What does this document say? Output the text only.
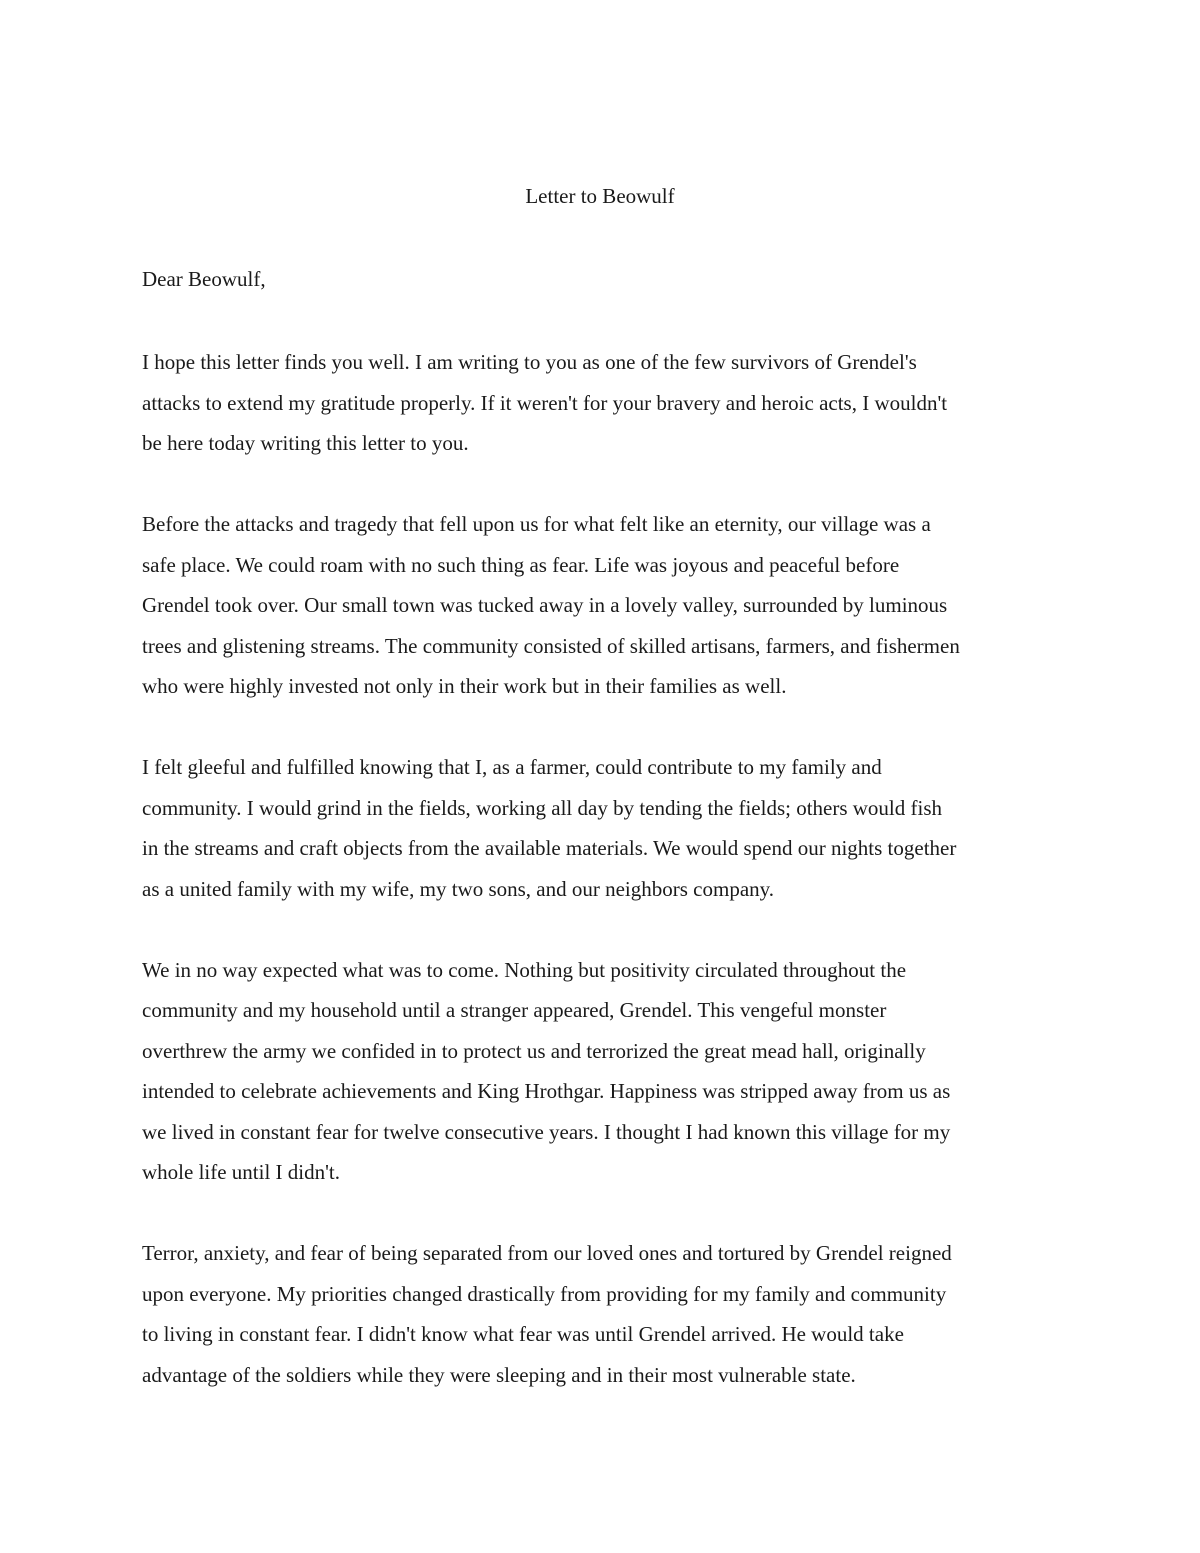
Letter to Beowulf

Dear Beowulf,

I hope this letter finds you well. I am writing to you as one of the few survivors of Grendel's
attacks to extend my gratitude properly. If it weren't for your bravery and heroic acts, I wouldn't
be here today writing this letter to you.

Before the attacks and tragedy that fell upon us for what felt like an eternity, our village was a
safe place. We could roam with no such thing as fear. Life was joyous and peaceful before
Grendel took over. Our small town was tucked away in a lovely valley, surrounded by luminous
trees and glistening streams. The community consisted of skilled artisans, farmers, and fishermen
who were highly invested not only in their work but in their families as well.

I felt gleeful and fulfilled knowing that I, as a farmer, could contribute to my family and
community. I would grind in the fields, working all day by tending the fields; others would fish
in the streams and craft objects from the available materials. We would spend our nights together
as a united family with my wife, my two sons, and our neighbors company.

We in no way expected what was to come. Nothing but positivity circulated throughout the
community and my household until a stranger appeared, Grendel. This vengeful monster
overthrew the army we confided in to protect us and terrorized the great mead hall, originally
intended to celebrate achievements and King Hrothgar. Happiness was stripped away from us as
we lived in constant fear for twelve consecutive years. I thought I had known this village for my
whole life until I didn't.

Terror, anxiety, and fear of being separated from our loved ones and tortured by Grendel reigned
upon everyone. My priorities changed drastically from providing for my family and community
to living in constant fear. I didn't know what fear was until Grendel arrived. He would take
advantage of the soldiers while they were sleeping and in their most vulnerable state.
